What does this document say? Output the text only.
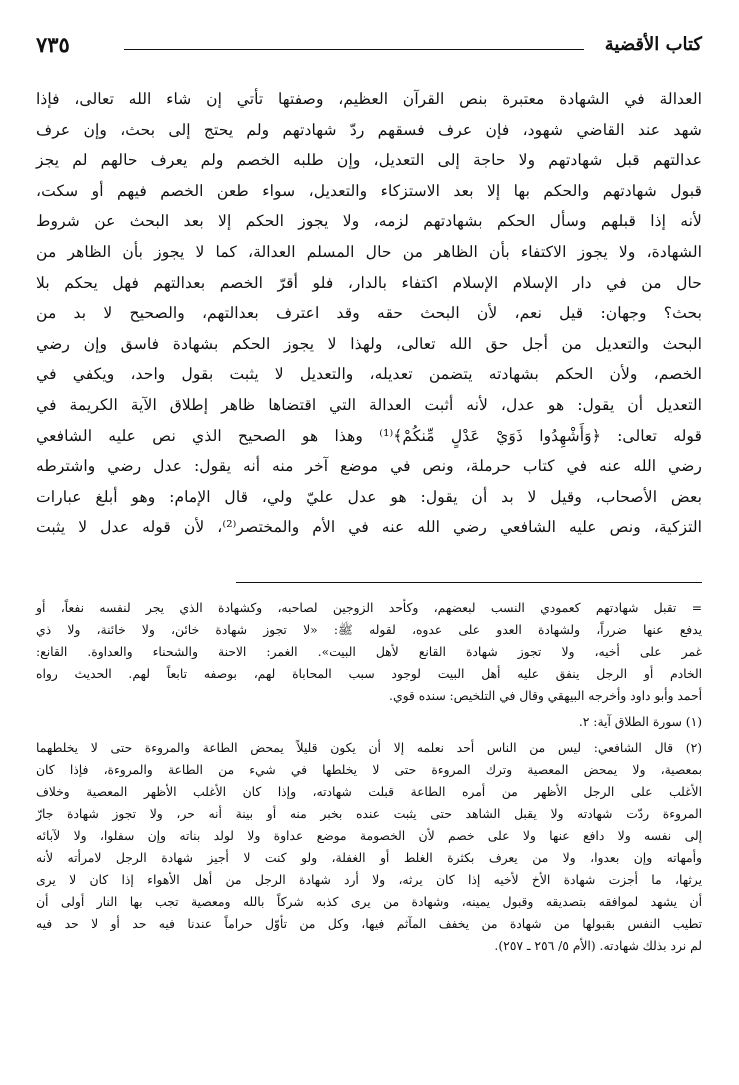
٧٣٥	كتاب الأقضية

العدالة في الشهادة معتبرة بنص القرآن العظيم، وصفتها تأتي إن شاء الله تعالى، فإذا

شهد عند القاضي شهود، فإن عرف فسقهم ردّ شهادتهم ولم يحتج إلى بحث، وإن عرف

عدالتهم قبل شهادتهم ولا حاجة إلى التعديل، وإن طلبه الخصم ولم يعرف حالهم لم يجز

قبول شهادتهم والحكم بها إلا بعد الاستزكاء والتعديل، سواء طعن الخصم فيهم أو سكت،

لأنه إذا قبلهم وسأل الحكم بشهادتهم لزمه، ولا يجوز الحكم إلا بعد البحث عن شروط

الشهادة، ولا يجوز الاكتفاء بأن الظاهر من حال المسلم العدالة، كما لا يجوز بأن الظاهر من

حال من في دار الإسلام الإسلام اكتفاء بالدار، فلو أقرّ الخصم بعدالتهم فهل يحكم بلا

بحث؟ وجهان: قيل نعم، لأن البحث حقه وقد اعترف بعدالتهم، والصحيح لا بد من

البحث والتعديل من أجل حق الله تعالى، ولهذا لا يجوز الحكم بشهادة فاسق وإن رضي

الخصم، ولأن الحكم بشهادته يتضمن تعديله، والتعديل لا يثبت بقول واحد، ويكفي في

التعديل أن يقول: هو عدل، لأنه أثبت العدالة التي اقتضاها ظاهر إطلاق الآية الكريمة في

قوله تعالى: ﴿وَأَشْهِدُوا ذَوَيْ عَدْلٍ مِّنكُمْ﴾⁽¹⁾ وهذا هو الصحيح الذي نص عليه الشافعي

رضي الله عنه في كتاب حرملة، ونص في موضع آخر منه أنه يقول: عدل رضي واشترطه

بعض الأصحاب، وقيل لا بد أن يقول: هو عدل عليّ ولي، قال الإمام: وهو أبلغ عبارات

التزكية، ونص عليه الشافعي رضي الله عنه في الأم والمختصر⁽²⁾، لأن قوله عدل لا يثبت

= تقبل شهادتهم كعمودي النسب لبعضهم، وكأحد الزوجين لصاحبه، وكشهادة الذي يجر لنفسه نفعاً، أو

يدفع عنها ضرراً، ولشهادة العدو على عدوه، لقوله ﷺ: «لا تجوز شهادة خائن، ولا خائنة، ولا ذي

غمر على أخيه، ولا تجوز شهادة القانع لأهل البيت». الغمر: الاحنة والشحناء والعداوة. القانع:

الخادم أو الرجل ينفق عليه أهل البيت لوجود سبب المحاباة لهم، بوصفه تابعاً لهم. الحديث رواه

أحمد وأبو داود وأخرجه البيهقي وقال في التلخيص: سنده قوي.

(١) سورة الطلاق آية: ٢.

(٢) قال الشافعي: ليس من الناس أحد نعلمه إلا أن يكون قليلاً يمحض الطاعة والمروءة حتى لا يخلطهما

بمعصية، ولا يمحض المعصية وترك المروءة حتى لا يخلطها في شيء من الطاعة والمروءة، فإذا كان

الأغلب على الرجل الأظهر من أمره الطاعة قبلت شهادته، وإذا كان الأغلب الأظهر المعصية وخلاف

المروءة ردّت شهادته ولا يقبل الشاهد حتى يثبت عنده بخبر منه أو بينة أنه حر، ولا تجوز شهادة جارّ

إلى نفسه ولا دافع عنها ولا على خصم لأن الخصومة موضع عداوة ولا لولد بناته وإن سفلوا، ولا لآبائه

وأمهاته وإن بعدوا، ولا من يعرف بكثرة الغلط أو الغفلة، ولو كنت لا أجيز شهادة الرجل لامرأته لأنه

يرثها، ما أجزت شهادة الأخ لأخيه إذا كان يرثه، ولا أرد شهادة الرجل من أهل الأهواء إذا كان لا يرى

أن يشهد لموافقه بتصديقه وقبول يمينه، وشهادة من يرى كذبه شركاً بالله ومعصية تجب بها النار أولى أن

تطيب النفس بقبولها من شهادة من يخفف المآثم فيها، وكل من تأوّل حراماً عندنا فيه حد أو لا حد فيه

لم نرد بذلك شهادته. (الأم ٥/ ٢٥٦ ـ ٢٥٧).
